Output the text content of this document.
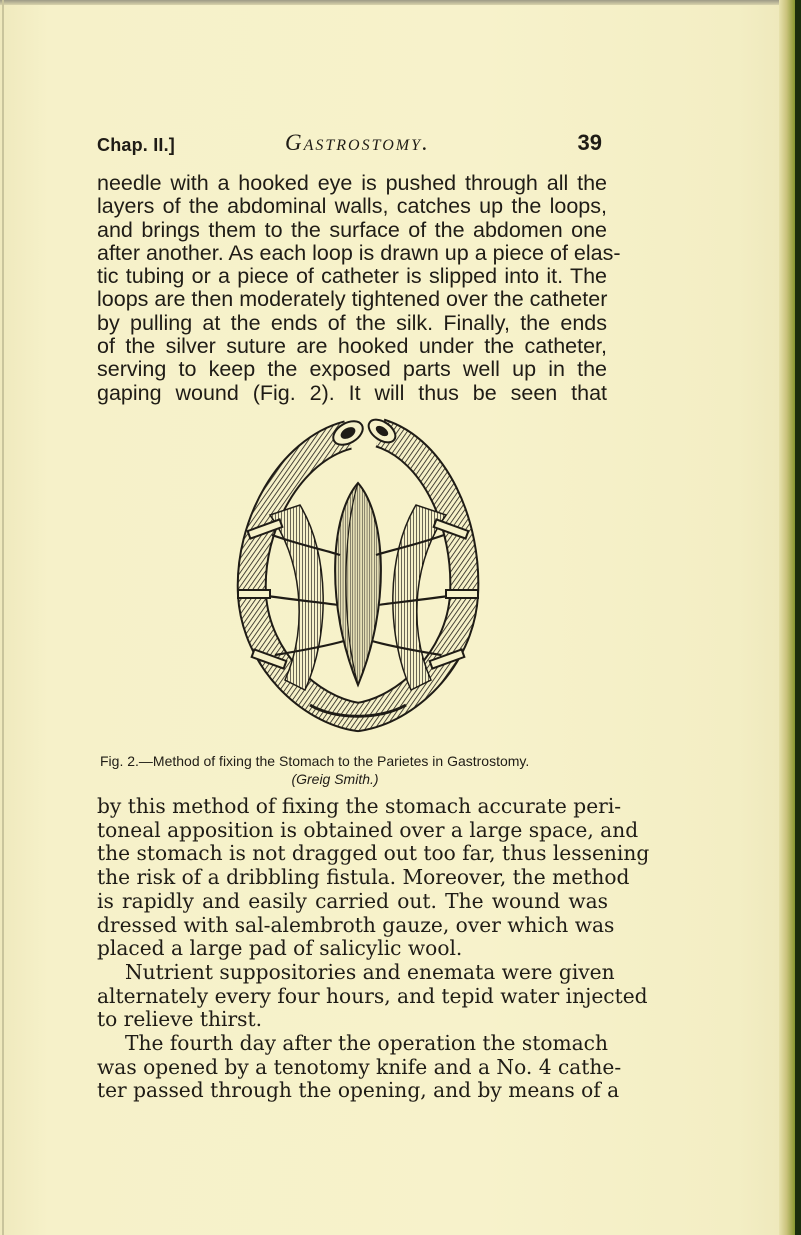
Chap. II.]	Gastrostomy.	39
needle with a hooked eye is pushed through all the
layers of the abdominal walls, catches up the loops,
and brings them to the surface of the abdomen one
after another. As each loop is drawn up a piece of elas-
tic tubing or a piece of catheter is slipped into it. The
loops are then moderately tightened over the catheter
by pulling at the ends of the silk. Finally, the ends
of the silver suture are hooked under the catheter,
serving to keep the exposed parts well up in the
gaping wound (Fig. 2). It will thus be seen that
Fig. 2.—Method of fixing the Stomach to the Parietes in Gastrostomy.
(Greig Smith.)
by this method of fixing the stomach accurate peri-
toneal apposition is obtained over a large space, and
the stomach is not dragged out too far, thus lessening
the risk of a dribbling fistula. Moreover, the method
is rapidly and easily carried out. The wound was
dressed with sal-alembroth gauze, over which was
placed a large pad of salicylic wool.
Nutrient suppositories and enemata were given
alternately every four hours, and tepid water injected
to relieve thirst.
The fourth day after the operation the stomach
was opened by a tenotomy knife and a No. 4 cathe-
ter passed through the opening, and by means of a
